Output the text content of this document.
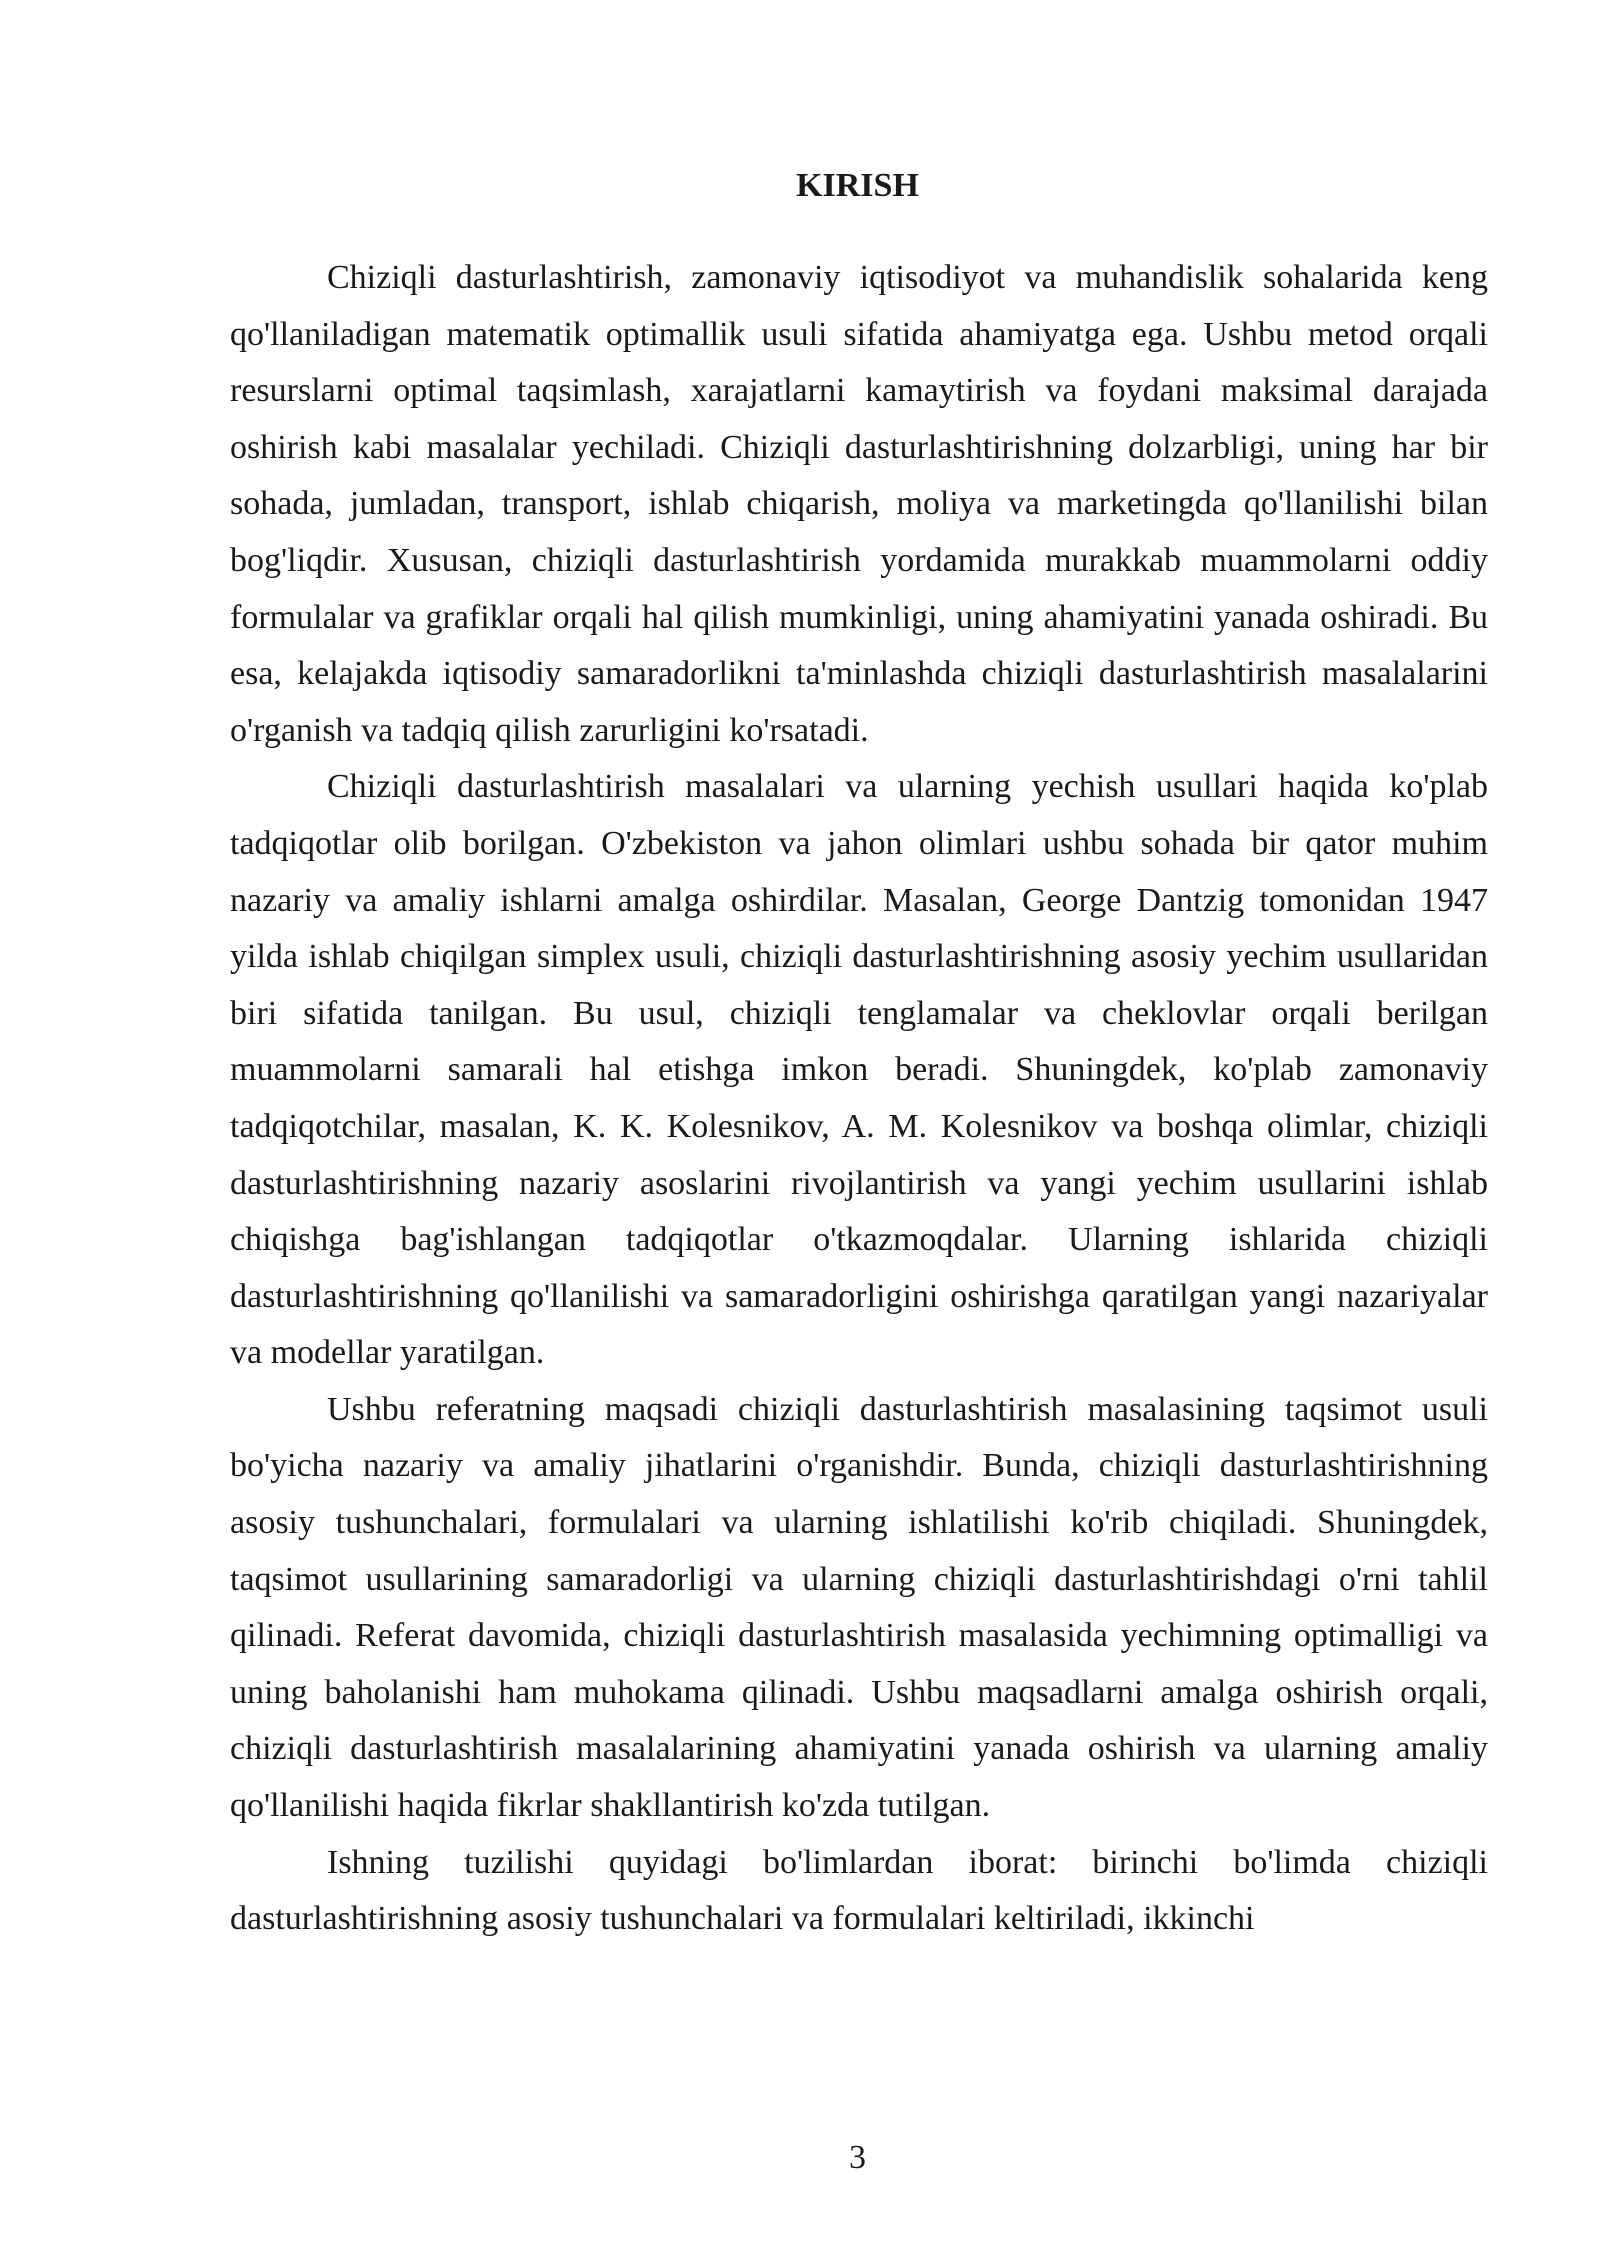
KIRISH

Chiziqli dasturlashtirish, zamonaviy iqtisodiyot va muhandislik sohalarida keng qo'llaniladigan matematik optimallik usuli sifatida ahamiyatga ega. Ushbu metod orqali resurslarni optimal taqsimlash, xarajatlarni kamaytirish va foydani maksimal darajada oshirish kabi masalalar yechiladi. Chiziqli dasturlashtirishning dolzarbligi, uning har bir sohada, jumladan, transport, ishlab chiqarish, moliya va marketingda qo'llanilishi bilan bog'liqdir. Xususan, chiziqli dasturlashtirish yordamida murakkab muammolarni oddiy formulalar va grafiklar orqali hal qilish mumkinligi, uning ahamiyatini yanada oshiradi. Bu esa, kelajakda iqtisodiy samaradorlikni ta'minlashda chiziqli dasturlashtirish masalalarini o'rganish va tadqiq qilish zarurligini ko'rsatadi.

Chiziqli dasturlashtirish masalalari va ularning yechish usullari haqida ko'plab tadqiqotlar olib borilgan. O'zbekiston va jahon olimlari ushbu sohada bir qator muhim nazariy va amaliy ishlarni amalga oshirdilar. Masalan, George Dantzig tomonidan 1947 yilda ishlab chiqilgan simplex usuli, chiziqli dasturlashtirishning asosiy yechim usullaridan biri sifatida tanilgan. Bu usul, chiziqli tenglamalar va cheklovlar orqali berilgan muammolarni samarali hal etishga imkon beradi. Shuningdek, ko'plab zamonaviy tadqiqotchilar, masalan, K. K. Kolesnikov, A. M. Kolesnikov va boshqa olimlar, chiziqli dasturlashtirishning nazariy asoslarini rivojlantirish va yangi yechim usullarini ishlab chiqishga bag'ishlangan tadqiqotlar o'tkazmoqdalar. Ularning ishlarida chiziqli dasturlashtirishning qo'llanilishi va samaradorligini oshirishga qaratilgan yangi nazariyalar va modellar yaratilgan.

Ushbu referatning maqsadi chiziqli dasturlashtirish masalasining taqsimot usuli bo'yicha nazariy va amaliy jihatlarini o'rganishdir. Bunda, chiziqli dasturlashtirishning asosiy tushunchalari, formulalari va ularning ishlatilishi ko'rib chiqiladi. Shuningdek, taqsimot usullarining samaradorligi va ularning chiziqli dasturlashtirishdagi o'rni tahlil qilinadi. Referat davomida, chiziqli dasturlashtirish masalasida yechimning optimalligi va uning baholanishi ham muhokama qilinadi. Ushbu maqsadlarni amalga oshirish orqali, chiziqli dasturlashtirish masalalarining ahamiyatini yanada oshirish va ularning amaliy qo'llanilishi haqida fikrlar shakllantirish ko'zda tutilgan.

Ishning tuzilishi quyidagi bo'limlardan iborat: birinchi bo'limda chiziqli dasturlashtirishning asosiy tushunchalari va formulalari keltiriladi, ikkinchi

3
